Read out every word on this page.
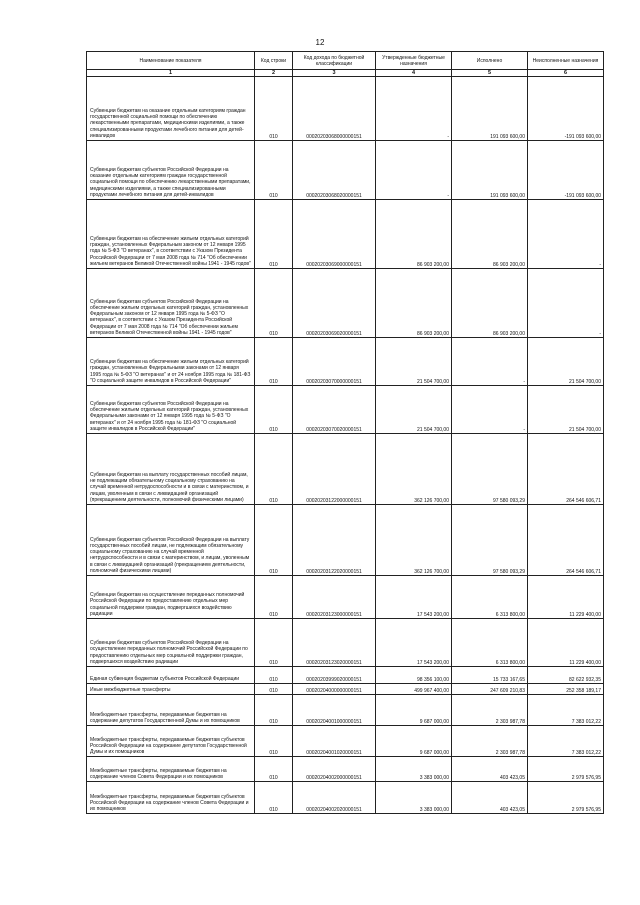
12
Наименование показателя	Код строки	Код дохода по бюджетной классификации	Утвержденные бюджетные назначения	Исполнено	Неисполненные назначения
1	2	3	4	5	6
Субвенции бюджетам на оказание отдельным категориям граждан государственной социальной помощи по обеспечению лекарственными препаратами, медицинскими изделиями, а также специализированными продуктами лечебного питания для детей-инвалидов	010	00020203068000000151	-	191 093 600,00	-191 093 600,00
Субвенции бюджетам субъектов Российской Федерации на оказание отдельным категориям граждан государственной социальной помощи по обеспечению лекарственными препаратами, медицинскими изделиями, а также специализированными продуктами лечебного питания для детей-инвалидов	010	00020203068020000151	-	191 093 600,00	-191 093 600,00
Субвенции бюджетам на обеспечение жильем отдельных категорий граждан, установленных Федеральным законом от 12 января 1995 года № 5-ФЗ "О ветеранах", в соответствии с Указом Президента Российской Федерации от 7 мая 2008 года № 714 "Об обеспечении жильем ветеранов Великой Отечественной войны 1941 - 1945 годов"	010	00020203069000000151	86 903 200,00	86 903 200,00	-
Субвенции бюджетам субъектов Российской Федерации на обеспечение жильем отдельных категорий граждан, установленных Федеральным законом от 12 января 1995 года № 5-ФЗ "О ветеранах", в соответствии с Указом Президента Российской Федерации от 7 мая 2008 года № 714 "Об обеспечении жильем ветеранов Великой Отечественной войны 1941 - 1945 годов"	010	00020203069020000151	86 903 200,00	86 903 200,00	-
Субвенции бюджетам на обеспечение жильем отдельных категорий граждан, установленных Федеральными законами от 12 января 1995 года № 5-ФЗ "О ветеранах" и от 24 ноября 1995 года № 181-ФЗ "О социальной защите инвалидов в Российской Федерации"	010	00020203070000000151	21 504 700,00	-	21 504 700,00
Субвенции бюджетам субъектов Российской Федерации на обеспечение жильем отдельных категорий граждан, установленных Федеральными законами от 12 января 1995 года № 5-ФЗ "О ветеранах" и от 24 ноября 1995 года № 181-ФЗ "О социальной защите инвалидов в Российской Федерации"	010	00020203070020000151	21 504 700,00	-	21 504 700,00
Субвенции бюджетам на выплату государственных пособий лицам, не подлежащим обязательному социальному страхованию на случай временной нетрудоспособности и в связи с материнством, и лицам, уволенным в связи с ликвидацией организаций (прекращением деятельности, полномочий физическими лицами)	010	00020203122000000151	362 126 700,00	97 580 093,29	264 546 606,71
Субвенции бюджетам субъектов Российской Федерации на выплату государственных пособий лицам, не подлежащим обязательному социальному страхованию на случай временной нетрудоспособности и в связи с материнством, и лицам, уволенным в связи с ликвидацией организаций (прекращением деятельности, полномочий физическими лицами)	010	00020203122020000151	362 126 700,00	97 580 093,29	264 546 606,71
Субвенции бюджетам на осуществление переданных полномочий Российской Федерации по предоставлению отдельных мер социальной поддержки граждан, подвергшихся воздействию радиации	010	00020203123000000151	17 543 200,00	6 313 800,00	11 229 400,00
Субвенции бюджетам субъектов Российской Федерации на осуществление переданных полномочий Российской Федерации по предоставлению отдельных мер социальной поддержки граждан, подвергшихся воздействию радиации	010	00020203123020000151	17 543 200,00	6 313 800,00	11 229 400,00
Единая субвенция бюджетам субъектов Российской Федерации	010	00020203999020000151	98 356 100,00	15 733 167,65	82 622 932,35
Иные межбюджетные трансферты	010	00020204000000000151	499 967 400,00	247 609 210,83	252 358 189,17
Межбюджетные трансферты, передаваемые бюджетам на содержание депутатов Государственной Думы и их помощников	010	00020204001000000151	9 687 000,00	2 303 987,78	7 383 012,22
Межбюджетные трансферты, передаваемые бюджетам субъектов Российской Федерации на содержание депутатов Государственной Думы и их помощников	010	00020204001020000151	9 687 000,00	2 303 987,78	7 383 012,22
Межбюджетные трансферты, передаваемые бюджетам на содержание членов Совета Федерации и их помощников	010	00020204002000000151	3 383 000,00	403 423,05	2 979 576,95
Межбюджетные трансферты, передаваемые бюджетам субъектов Российской Федерации на содержание членов Совета Федерации и их помощников	010	00020204002020000151	3 383 000,00	403 423,05	2 979 576,95
